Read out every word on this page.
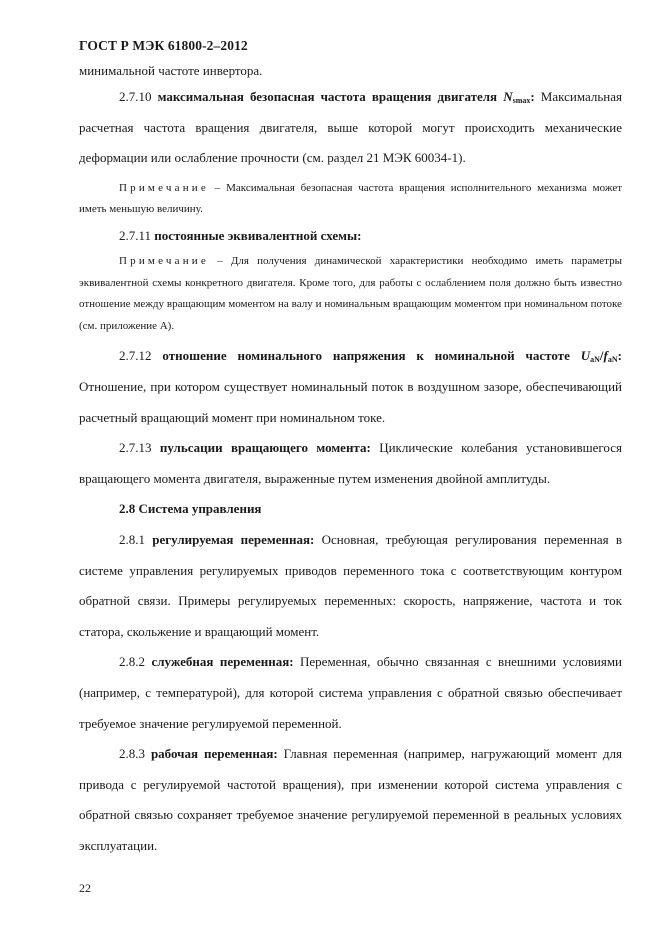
ГОСТ Р МЭК 61800-2–2012

минимальной частоте инвертора.

2.7.10 максимальная безопасная частота вращения двигателя $N_{smax}$: Максимальная расчетная частота вращения двигателя, выше которой могут происходить механические деформации или ослабление прочности (см. раздел 21 МЭК 60034-1).

Примечание – Максимальная безопасная частота вращения исполнительного механизма может иметь меньшую величину.

2.7.11 постоянные эквивалентной схемы:

Примечание – Для получения динамической характеристики необходимо иметь параметры эквивалентной схемы конкретного двигателя. Кроме того, для работы с ослаблением поля должно быть известно отношение между вращающим моментом на валу и номинальным вращающим моментом при номинальном потоке (см. приложение А).

2.7.12 отношение номинального напряжения к номинальной частоте $U_{aN}/f_{aN}$: Отношение, при котором существует номинальный поток в воздушном зазоре, обеспечивающий расчетный вращающий момент при номинальном токе.

2.7.13 пульсации вращающего момента: Циклические колебания установившегося вращающего момента двигателя, выраженные путем изменения двойной амплитуды.

2.8 Система управления

2.8.1 регулируемая переменная: Основная, требующая регулирования переменная в системе управления регулируемых приводов переменного тока с соответствующим контуром обратной связи. Примеры регулируемых переменных: скорость, напряжение, частота и ток статора, скольжение и вращающий момент.

2.8.2 служебная переменная: Переменная, обычно связанная с внешними условиями (например, с температурой), для которой система управления с обратной связью обеспечивает требуемое значение регулируемой переменной.

2.8.3 рабочая переменная: Главная переменная (например, нагружающий момент для привода с регулируемой частотой вращения), при изменении которой система управления с обратной связью сохраняет требуемое значение регулируемой переменной в реальных условиях эксплуатации.

22
